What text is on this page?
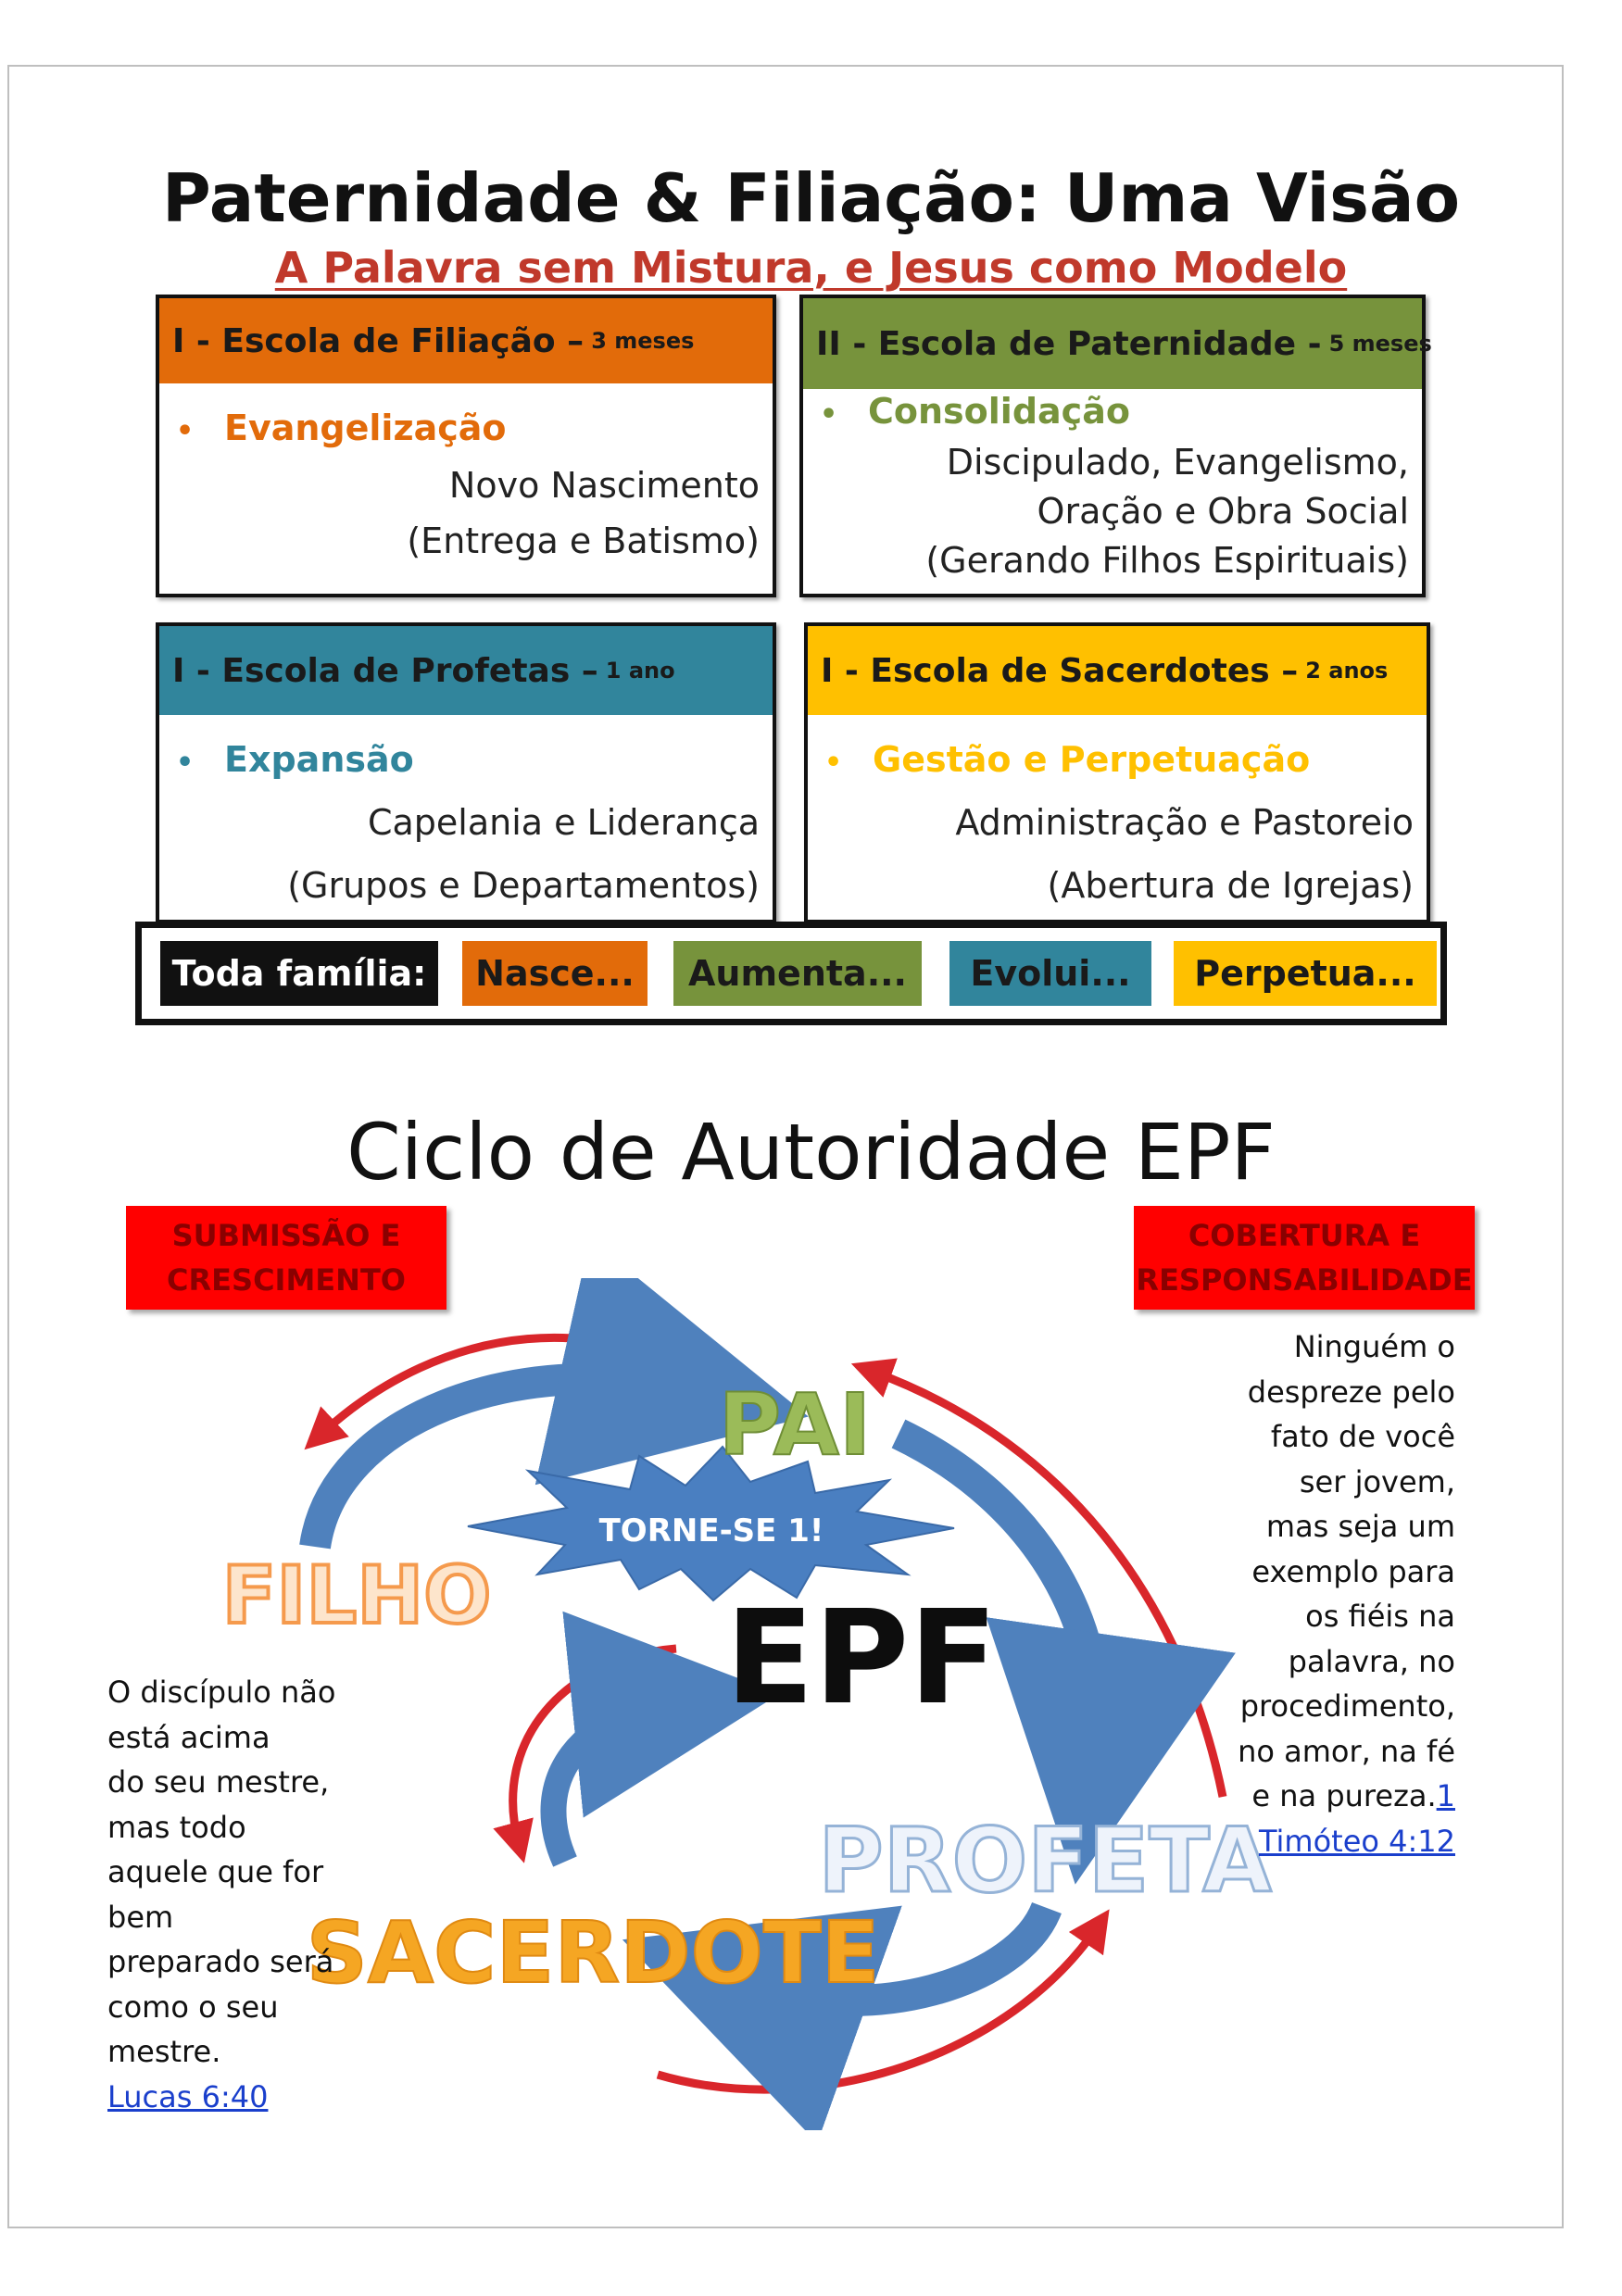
Paternidade & Filiação: Uma Visão
A Palavra sem Mistura, e Jesus como Modelo
I - Escola de Filiação – 3 meses
• Evangelização
Novo Nascimento
(Entrega e Batismo)
II - Escola de Paternidade - 5 meses
• Consolidação
Discipulado, Evangelismo,
Oração e Obra Social
(Gerando Filhos Espirituais)
I - Escola de Profetas – 1 ano
• Expansão
Capelania e Liderança
(Grupos e Departamentos)
I - Escola de Sacerdotes – 2 anos
• Gestão e Perpetuação
Administração e Pastoreio
(Abertura de Igrejas)
Toda família:	Nasce...	Aumenta...	Evolui...	Perpetua...
Ciclo de Autoridade EPF
SUBMISSÃO E
CRESCIMENTO
COBERTURA E
RESPONSABILIDADE
TORNE-SE 1!
PAI
FILHO EPF
PROFETA
SACERDOTE
Ninguém o
despreze pelo
fato de você
ser jovem,
mas seja um
exemplo para
os fiéis na
palavra, no
procedimento,
no amor, na fé
e na pureza.1
Timóteo 4:12
O discípulo não
está acima
do seu mestre,
mas todo
aquele que for
bem
preparado será
como o seu
mestre.
Lucas 6:40
